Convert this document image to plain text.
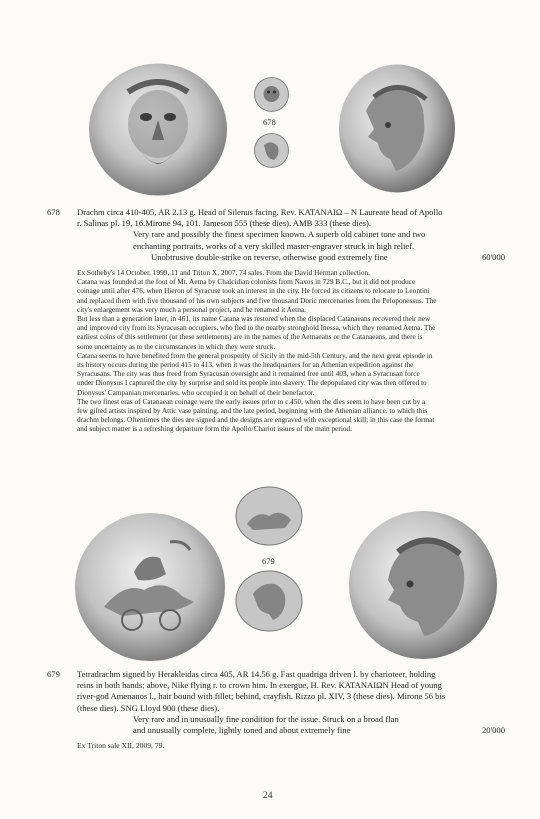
678
678 Drachm circa 410-405, AR 2.13 g. Head of Silenus facing. Rev. ΚΑΤΑΝΑΙΩ – N Laureate head of Apollo
r. Salinas pl. 19, 16.Mirone 94, 101. Jameson 555 (these dies). AMB 333 (these dies).
Very rare and possibly the finest specimen known. A superb old cabinet tone and two
enchanting portraits, works of a very skilled master-engraver struck in high relief.
Unobtrusive double-strike on reverse, otherwise good extremely fine	60'000

Ex Sotheby's 14 October, 1999, 11 and Triton X, 2007, 74 sales. From the David Herman collection.

Catana was founded at the foot of Mt. Aetna by Chalcidian colonists from Naxos in 729 B.C., but it did not produce

coinage until after 476, when Hieron of Syracuse took an interest in the city. He forced its citizens to relocate to Leontini

and replaced them with five thousand of his own subjects and five thousand Doric mercenaries from the Peloponessus. The

city's enlargement was very much a personal project, and he renamed it Aetna.

But less than a generation later, in 461, its name Catana was restored when the displaced Catanaeans recovered their new

and improved city from its Syracusan occupiers, who fled to the nearby stronghold Inessa, which they renamed Aetna. The

earliest coins of this settlement (or these settlements) are in the names of the Aetnaeans or the Catanaeans, and there is

some uncertainty as to the circumstances in which they were struck.

Catana seems to have benefited from the general prosperity of Sicily in the mid-5th Century, and the next great episode in

its history occurs during the period 415 to 413, when it was the headquarters for an Athenian expedition against the

Syracusans. The city was thus freed from Syracusan oversight and it remained free until 403, when a Syracusan force

under Dionysus I captured the city by surprise and sold its people into slavery. The depopulated city was then offered to

Dionysus' Campanian mercenaries, who occupied it on behalf of their benefactor.

The two finest eras of Catanaean coinage were the early issues prior to c.450, when the dies seem to have been cut by a

few gifted artists inspired by Attic vase painting, and the late period, beginning with the Athenian alliance, to which this

drachm belongs. Oftentimes the dies are signed and the designs are engraved with exceptional skill; in this case the format

and subject matter is a refreshing departure form the Apollo/Chariot issues of the main period.

679
679 Tetradrachm signed by Herakleidas circa 405, AR 14.56 g. Fast quadriga driven l. by charioteer, holding
reins in both hands; above, Nike flying r. to crown him. In exergue, H. Rev. ΚΑΤΑΝΑΙΩΝ Head of young
river-god Amenanos l., hair bound with fillet; behind, crayfish. Rizzo pl. XIV, 3 (these dies). Mirone 56 bis
(these dies). SNG Lloyd 900 (these dies).
Very rare and in unusually fine condition for the issue. Struck on a broad flan
and unusually complete, lightly toned and about extremely fine	20'000
Ex Triton sale XII, 2009, 79.
24
